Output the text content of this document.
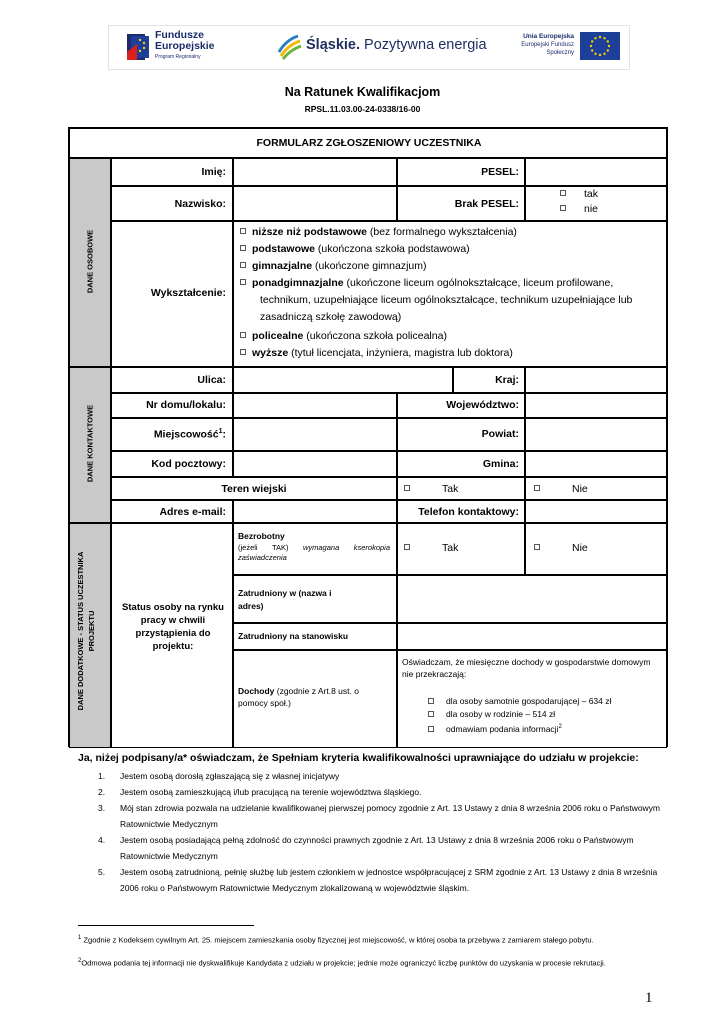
Fundusze
Europejskie
Program Regionalny
Śląskie. Pozytywna energia
Unia Europejska
Europejski Fundusz Społeczny
Na Ratunek Kwalifikacjom
RPSL.11.03.00-24-0338/16-00
FORMULARZ ZGŁOSZENIOWY UCZESTNIKA
DANE OSOBOWE
Imię:	PESEL:
Nazwisko:	Brak PESEL:
tak
nie
Wykształcenie:
niższe niż podstawowe (bez formalnego wykształcenia)
podstawowe (ukończona szkoła podstawowa)
gimnazjalne (ukończone gimnazjum)
ponadgimnazjalne (ukończone liceum ogólnokształcące, liceum profilowane, technikum, uzupełniające liceum ogólnokształcące, technikum uzupełniające lub zasadniczą szkołę zawodową)
policealne (ukończona szkoła policealna)
wyższe (tytuł licencjata, inżyniera, magistra lub doktora)
DANE KONTAKTOWE
Ulica:	Kraj:
Nr domu/lokalu:	Województwo:
Miejscowość$^1$:	Powiat:
Kod pocztowy:	Gmina:
Teren wiejski	Tak	Nie
Adres e-mail:	Telefon kontaktowy:
DANE DODATKOWE - STATUS UCZESTNIKA PROJEKTU
Status osoby na rynku pracy w chwili przystąpienia do projektu:
Bezrobotny
(jeżeli TAK) wymagana kserokopia zaświadczenia
Tak	Nie
Zatrudniony w (nazwa i adres)
Zatrudniony na stanowisku
Dochody (zgodnie z Art.8 ust. o pomocy społ.)
Oświadczam, że miesięczne dochody w gospodarstwie domowym nie przekraczają:
dla osoby samotnie gospodarującej – 634 zł
dla osoby w rodzinie – 514 zł
odmawiam podania informacji$^2$
Ja, niżej podpisany/a* oświadczam, że Spełniam kryteria kwalifikowalności uprawniające do udziału w projekcie:
1. Jestem osobą dorosłą zgłaszającą się z własnej inicjatywy
2. Jestem osobą zamieszkującą i/lub pracującą na terenie województwa śląskiego.
3. Mój stan zdrowia pozwala na udzielanie kwalifikowanej pierwszej pomocy zgodnie z Art. 13 Ustawy z dnia 8 września 2006 roku o Państwowym Ratownictwie Medycznym
4. Jestem osobą posiadającą pełną zdolność do czynności prawnych zgodnie z Art. 13 Ustawy z dnia 8 września 2006 roku o Państwowym Ratownictwie Medycznym
5. Jestem osobą zatrudnioną, pełnię służbę lub jestem członkiem w jednostce współpracującej z SRM zgodnie z Art. 13 Ustawy z dnia 8 września 2006 roku o Państwowym Ratownictwie Medycznym zlokalizowaną w województwie śląskim.
$^1$ Zgodnie z Kodeksem cywilnym Art. 25. miejscem zamieszkania osoby fizycznej jest miejscowość, w której osoba ta przebywa z zamiarem stałego pobytu.
$^2$Odmowa podania tej informacji nie dyskwalifikuje Kandydata z udziału w projekcie; jednie może ograniczyć liczbę punktów do uzyskania w procesie rekrutacji.
1
